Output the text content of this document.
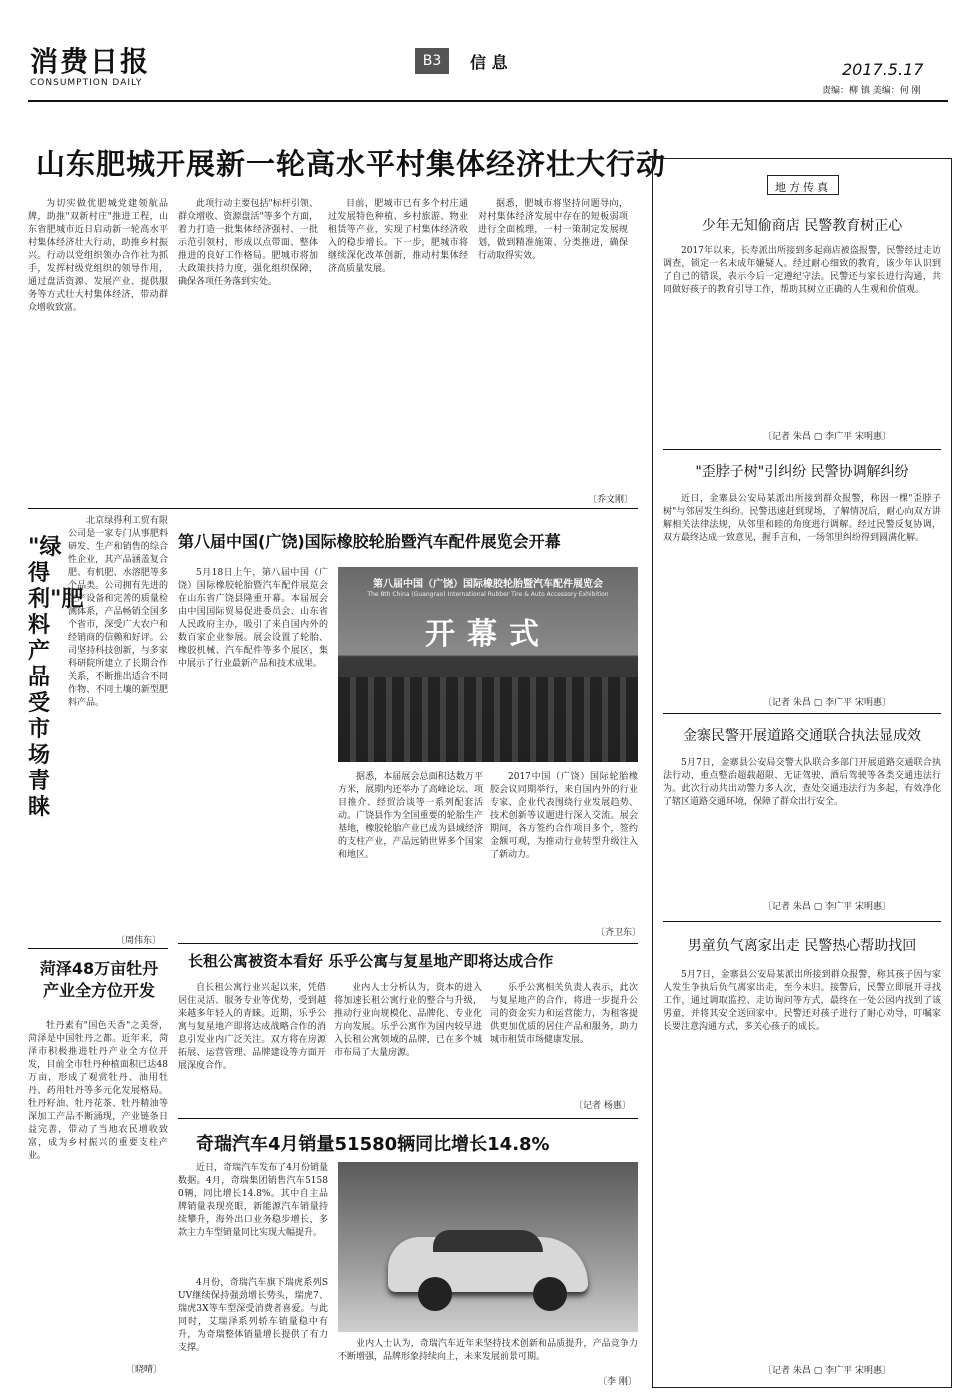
消费日报
CONSUMPTION DAILY
B3	信 息	2017.5.17
责编：柳 镇 美编：何 刚
山东肥城开展新一轮高水平村集体经济壮大行动
为切实做优肥城党建领航品牌，助推"双新村庄"推进工程，山东省肥城市近日启动新一轮高水平村集体经济壮大行动，助推乡村振兴。行动以党组织领办合作社为抓手，发挥村级党组织的领导作用，通过盘活资源、发展产业、提供服务等方式壮大村集体经济，带动群众增收致富。
此项行动主要包括"标杆引领、群众增收、资源盘活"等多个方面，着力打造一批集体经济强村、一批示范引领村，形成以点带面、整体推进的良好工作格局。肥城市将加大政策扶持力度，强化组织保障，确保各项任务落到实处。
目前，肥城市已有多个村庄通过发展特色种植、乡村旅游、物业租赁等产业，实现了村集体经济收入的稳步增长。下一步，肥城市将继续深化改革创新，推动村集体经济高质量发展。
据悉，肥城市将坚持问题导向，对村集体经济发展中存在的短板弱项进行全面梳理，一村一策制定发展规划，做到精准施策、分类推进，确保行动取得实效。
〔乔文刚〕
"绿得利"肥料产品受市场青睐
北京绿得利工贸有限公司是一家专门从事肥料研发、生产和销售的综合性企业，其产品涵盖复合肥、有机肥、水溶肥等多个品类。公司拥有先进的生产设备和完善的质量检测体系，产品畅销全国多个省市，深受广大农户和经销商的信赖和好评。公司坚持科技创新，与多家科研院所建立了长期合作关系，不断推出适合不同作物、不同土壤的新型肥料产品。
〔周伟东〕
菏泽48万亩牡丹产业全方位开发
牡丹素有"国色天香"之美誉，菏泽是中国牡丹之都。近年来，菏泽市积极推进牡丹产业全方位开发，目前全市牡丹种植面积已达48万亩，形成了观赏牡丹、油用牡丹、药用牡丹等多元化发展格局。牡丹籽油、牡丹花茶、牡丹精油等深加工产品不断涌现，产业链条日益完善，带动了当地农民增收致富，成为乡村振兴的重要支柱产业。
〔晓晴〕
第八届中国(广饶)国际橡胶轮胎暨汽车配件展览会开幕
5月18日上午，第八届中国（广饶）国际橡胶轮胎暨汽车配件展览会在山东省广饶县隆重开幕。本届展会由中国国际贸易促进委员会、山东省人民政府主办，吸引了来自国内外的数百家企业参展。展会设置了轮胎、橡胶机械、汽车配件等多个展区，集中展示了行业最新产品和技术成果。
第八届中国（广饶）国际橡胶轮胎暨汽车配件展览会
The 8th China (Guangrao) International Rubber Tire & Auto Accessory Exhibition
开幕式
据悉，本届展会总面积达数万平方米，展期内还举办了高峰论坛、项目推介、经贸洽谈等一系列配套活动。广饶县作为全国重要的轮胎生产基地，橡胶轮胎产业已成为县域经济的支柱产业，产品远销世界多个国家和地区。
2017中国（广饶）国际轮胎橡胶会议同期举行，来自国内外的行业专家、企业代表围绕行业发展趋势、技术创新等议题进行深入交流。展会期间，各方签约合作项目多个，签约金额可观，为推动行业转型升级注入了新动力。
〔齐卫东〕
长租公寓被资本看好 乐乎公寓与复星地产即将达成合作
自长租公寓行业兴起以来，凭借居住灵活、服务专业等优势，受到越来越多年轻人的青睐。近期，乐乎公寓与复星地产即将达成战略合作的消息引发业内广泛关注。双方将在房源拓展、运营管理、品牌建设等方面开展深度合作。
业内人士分析认为，资本的进入将加速长租公寓行业的整合与升级，推动行业向规模化、品牌化、专业化方向发展。乐乎公寓作为国内较早进入长租公寓领域的品牌，已在多个城市布局了大量房源。
乐乎公寓相关负责人表示，此次与复星地产的合作，将进一步提升公司的资金实力和运营能力，为租客提供更加优质的居住产品和服务，助力城市租赁市场健康发展。
〔记者 杨惠〕
奇瑞汽车4月销量51580辆同比增长14.8%
近日，奇瑞汽车发布了4月份销量数据。4月，奇瑞集团销售汽车51580辆，同比增长14.8%。其中自主品牌销量表现亮眼，新能源汽车销量持续攀升，海外出口业务稳步增长，多款主力车型销量同比实现大幅提升。
4月份，奇瑞汽车旗下瑞虎系列SUV继续保持强劲增长势头，瑞虎7、瑞虎3X等车型深受消费者喜爱。与此同时，艾瑞泽系列轿车销量稳中有升，为奇瑞整体销量增长提供了有力支撑。	业内人士认为，奇瑞汽车近年来坚持技术创新和品质提升，产品竞争力不断增强，品牌形象持续向上，未来发展前景可期。
〔李 刚〕
地方传真
少年无知偷商店 民警教育树正心
2017年以来，长寿派出所接到多起商店被盗报警，民警经过走访调查，锁定一名未成年嫌疑人。经过耐心细致的教育，该少年认识到了自己的错误，表示今后一定遵纪守法。民警还与家长进行沟通，共同做好孩子的教育引导工作，帮助其树立正确的人生观和价值观。
〔记者 朱昌 ▢ 李广平 宋明惠〕
"歪脖子树"引纠纷 民警协调解纠纷
近日，金寨县公安局某派出所接到群众报警，称因一棵"歪脖子树"与邻居发生纠纷。民警迅速赶到现场，了解情况后，耐心向双方讲解相关法律法规，从邻里和睦的角度进行调解。经过民警反复协调，双方最终达成一致意见，握手言和，一场邻里纠纷得到圆满化解。
〔记者 朱昌 ▢ 李广平 宋明惠〕
金寨民警开展道路交通联合执法显成效
5月7日，金寨县公安局交警大队联合多部门开展道路交通联合执法行动，重点整治超载超限、无证驾驶、酒后驾驶等各类交通违法行为。此次行动共出动警力多人次，查处交通违法行为多起，有效净化了辖区道路交通环境，保障了群众出行安全。
〔记者 朱昌 ▢ 李广平 宋明惠〕
男童负气离家出走 民警热心帮助找回
5月7日，金寨县公安局某派出所接到群众报警，称其孩子因与家人发生争执后负气离家出走，至今未归。接警后，民警立即展开寻找工作，通过调取监控、走访询问等方式，最终在一处公园内找到了该男童，并将其安全送回家中。民警还对孩子进行了耐心劝导，叮嘱家长要注意沟通方式，多关心孩子的成长。
〔记者 朱昌 ▢ 李广平 宋明惠〕
